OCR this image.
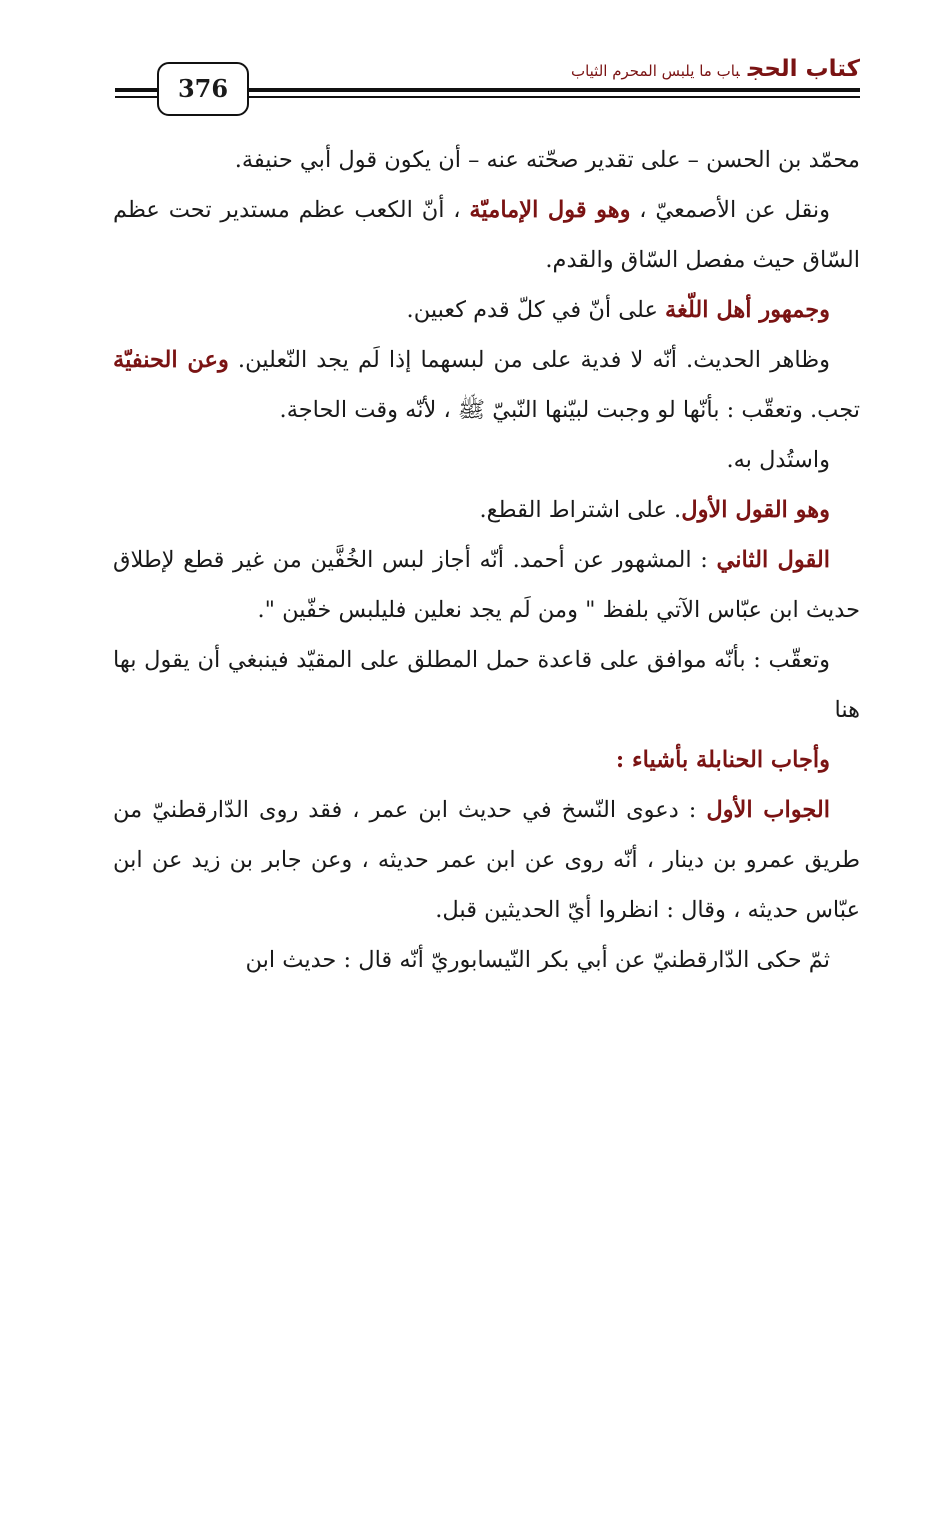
كتاب الحجباب ما يلبس المحرم الثياب
376

محمّد بن الحسن – على تقدير صحّته عنه – أن يكون قول أبي حنيفة.

ونقل عن الأصمعيّ ، وهو قول الإماميّة ، أنّ الكعب عظم مستدير تحت عظم السّاق حيث مفصل السّاق والقدم.

وجمهور أهل اللّغة على أنّ في كلّ قدم كعبين.

وظاهر الحديث. أنّه لا فدية على من لبسهما إذا لَم يجد النّعلين. وعن الحنفيّة تجب. وتعقّب : بأنّها لو وجبت لبيّنها النّبيّ ﷺ ، لأنّه وقت الحاجة.

واستُدل به.

وهو القول الأول. على اشتراط القطع.

القول الثاني : المشهور عن أحمد. أنّه أجاز لبس الخُفَّين من غير قطع لإطلاق حديث ابن عبّاس الآتي بلفظ " ومن لَم يجد نعلين فليلبس خفّين ".

وتعقّب : بأنّه موافق على قاعدة حمل المطلق على المقيّد فينبغي أن يقول بها هنا

وأجاب الحنابلة بأشياء :

الجواب الأول : دعوى النّسخ في حديث ابن عمر ، فقد روى الدّارقطنيّ من طريق عمرو بن دينار ، أنّه روى عن ابن عمر حديثه ، وعن جابر بن زيد عن ابن عبّاس حديثه ، وقال : انظروا أيّ الحديثين قبل.

ثمّ حكى الدّارقطنيّ عن أبي بكر النّيسابوريّ أنّه قال : حديث ابن
